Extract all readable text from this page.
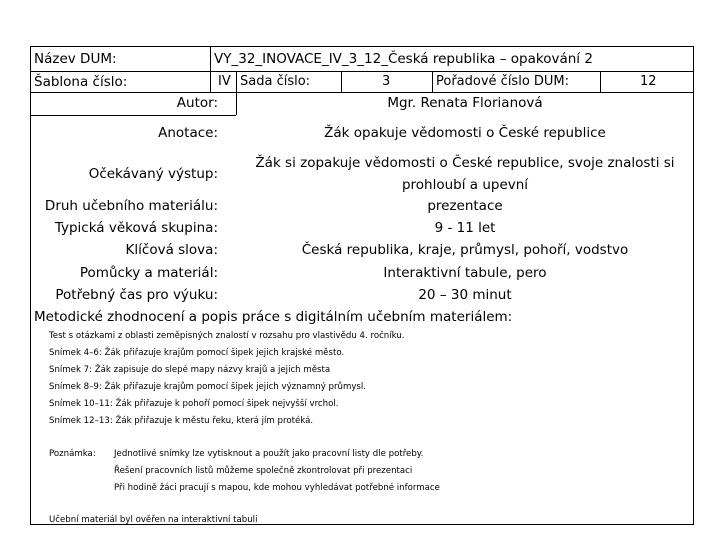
Název DUM:	VY_32_INOVACE_IV_3_12_Česká republika – opakování 2
Šablona číslo:	IV Sada číslo:	3	Pořadové číslo DUM:	12
Autor:	Mgr. Renata Florianová
Anotace:	Žák opakuje vědomosti o České republice
Očekávaný výstup:
Žák si zopakuje vědomosti o České republice, svoje znalosti si
prohloubí a upevní
Druh učebního materiálu:	prezentace
Typická věková skupina:	9 - 11 let
Klíčová slova:	Česká republika, kraje, průmysl, pohoří, vodstvo
Pomůcky a materiál:	Interaktivní tabule, pero
Potřebný čas pro výuku:	20 – 30 minut
Metodické zhodnocení a popis práce s digitálním učebním materiálem:
Test s otázkami z oblasti zeměpisných znalostí v rozsahu pro vlastivědu 4. ročníku.
Snímek 4–6: Žák přiřazuje krajům pomocí šipek jejich krajské město.
Snímek 7: Žák zapisuje do slepé mapy názvy krajů a jejich města
Snímek 8–9: Žák přiřazuje krajům pomocí šipek jejich významný průmysl.
Snímek 10–11: Žák přiřazuje k pohoří pomocí šipek nejvyšší vrchol.
Snímek 12–13: Žák přiřazuje k městu řeku, která jím protéká.
Poznámka: Jednotlivé snímky lze vytisknout a použít jako pracovní listy dle potřeby.
Řešení pracovních listů můžeme společně zkontrolovat při prezentaci
Při hodině žáci pracují s mapou, kde mohou vyhledávat potřebné informace
Učební materiál byl ověřen na interaktivní tabuli
